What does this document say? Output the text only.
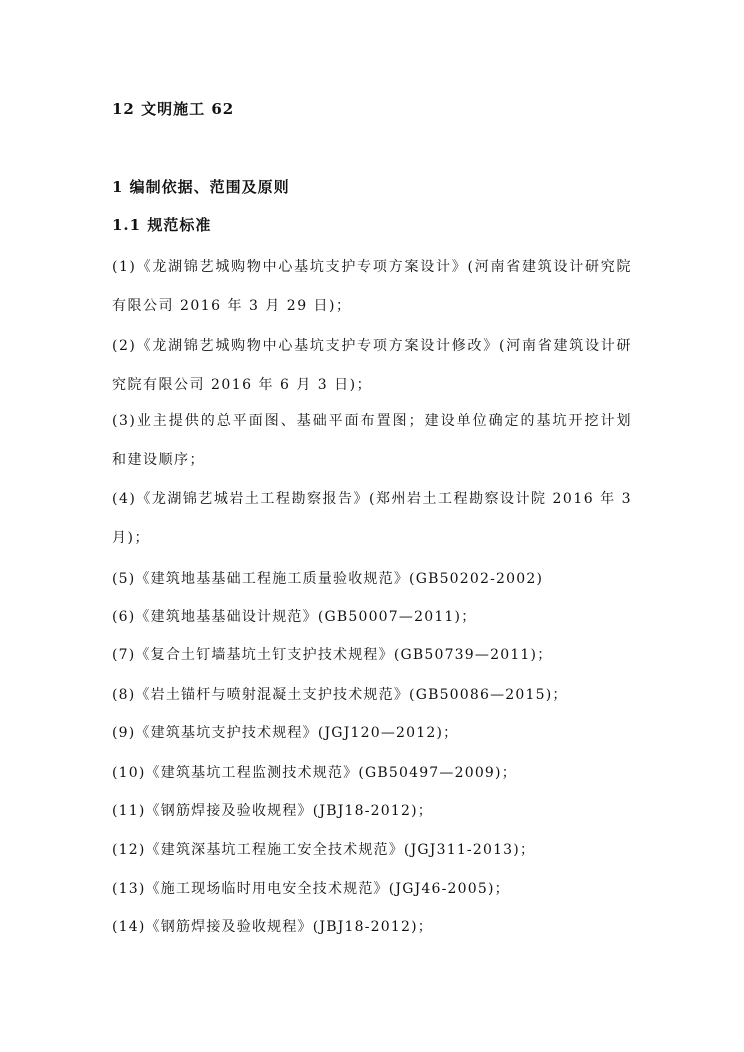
12 文明施工 62
1 编制依据、范围及原则
1.1 规范标准
(1)《龙湖锦艺城购物中心基坑支护专项方案设计》(河南省建筑设计研究院有限公司 2016 年 3 月 29 日)；
(2)《龙湖锦艺城购物中心基坑支护专项方案设计修改》(河南省建筑设计研究院有限公司 2016 年 6 月 3 日)；
(3)业主提供的总平面图、基础平面布置图；建设单位确定的基坑开挖计划和建设顺序；
(4)《龙湖锦艺城岩土工程勘察报告》(郑州岩土工程勘察设计院 2016 年 3 月)；
(5)《建筑地基基础工程施工质量验收规范》(GB50202-2002)
(6)《建筑地基基础设计规范》(GB50007—2011)；
(7)《复合土钉墙基坑土钉支护技术规程》(GB50739—2011)；
(8)《岩土锚杆与喷射混凝土支护技术规范》(GB50086—2015)；
(9)《建筑基坑支护技术规程》(JGJ120—2012)；
(10)《建筑基坑工程监测技术规范》(GB50497—2009)；
(11)《钢筋焊接及验收规程》(JBJ18-2012)；
(12)《建筑深基坑工程施工安全技术规范》(JGJ311-2013)；
(13)《施工现场临时用电安全技术规范》(JGJ46-2005)；
(14)《钢筋焊接及验收规程》(JBJ18-2012)；
